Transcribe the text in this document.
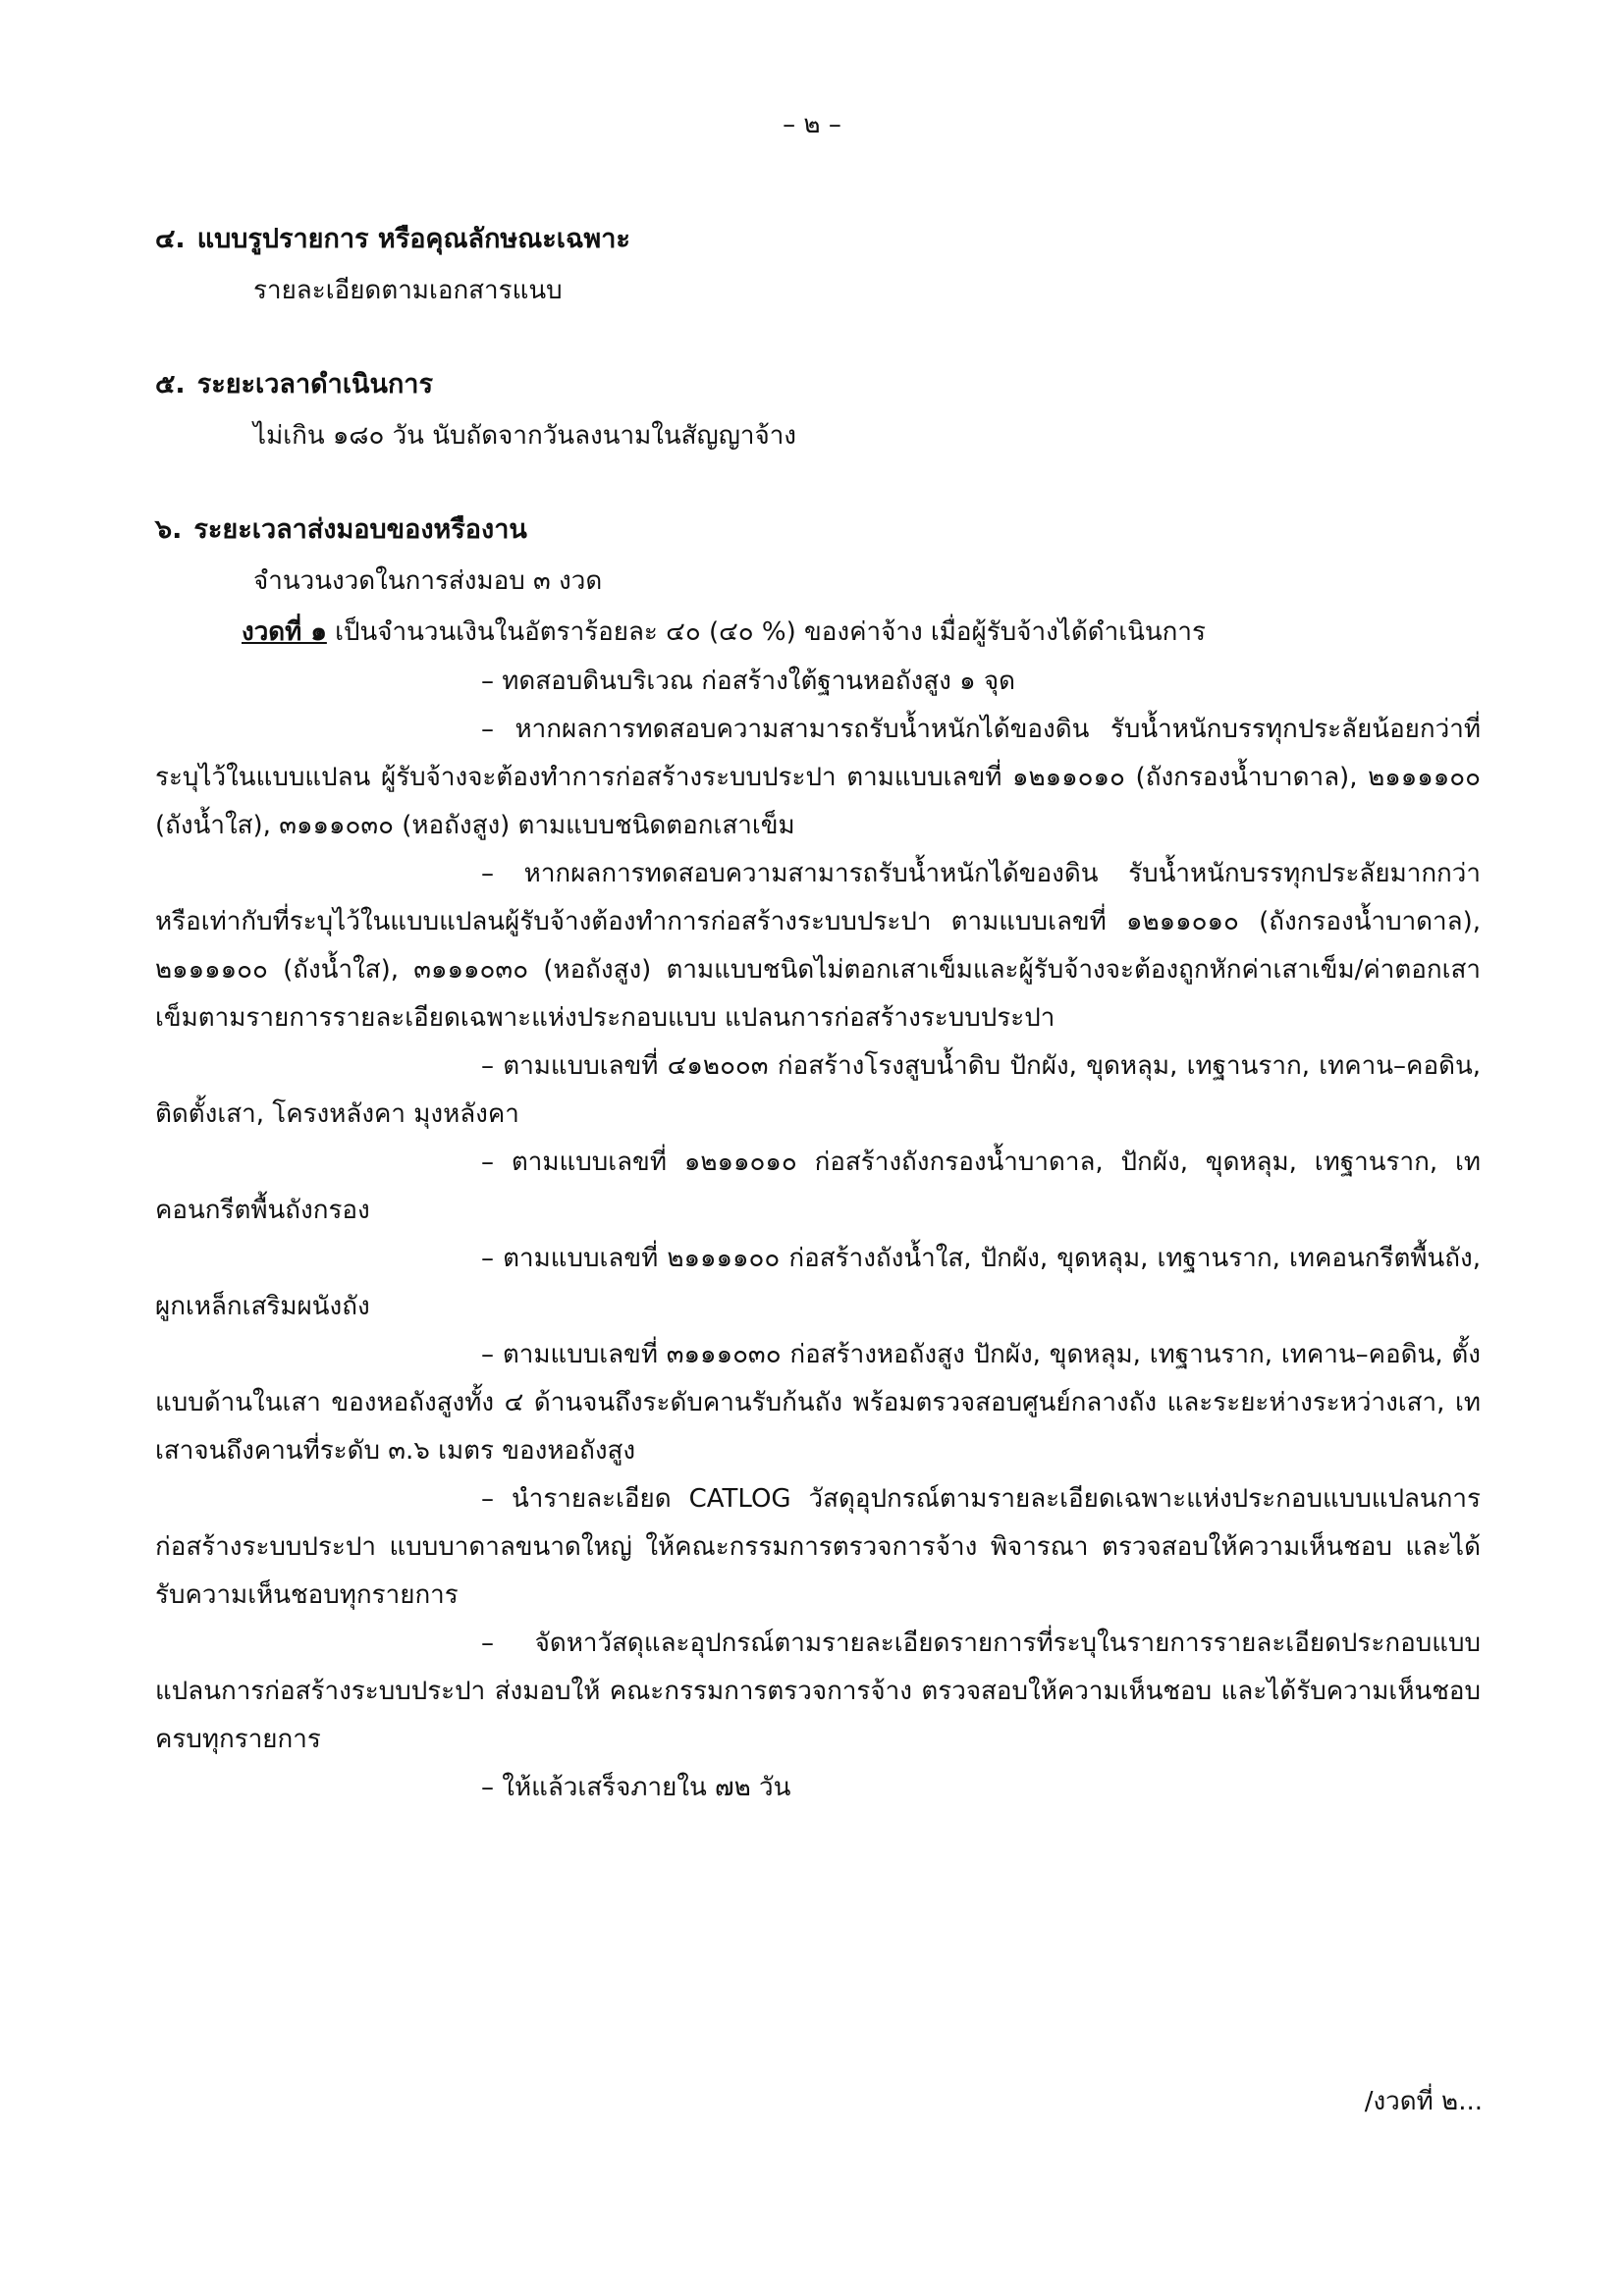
– ๒ –

๔. แบบรูปรายการ หรือคุณลักษณะเฉพาะ

รายละเอียดตามเอกสารแนบ

๕. ระยะเวลาดำเนินการ

ไม่เกิน ๑๘๐ วัน นับถัดจากวันลงนามในสัญญาจ้าง

๖. ระยะเวลาส่งมอบของหรืองาน

จำนวนงวดในการส่งมอบ ๓ งวด

งวดที่ ๑ เป็นจำนวนเงินในอัตราร้อยละ ๔๐ (๔๐ %) ของค่าจ้าง เมื่อผู้รับจ้างได้ดำเนินการ

– ทดสอบดินบริเวณ ก่อสร้างใต้ฐานหอถังสูง ๑ จุด

– หากผลการทดสอบความสามารถรับน้ำหนักได้ของดิน รับน้ำหนักบรรทุกประลัยน้อยกว่าที่ระบุไว้ในแบบแปลน ผู้รับจ้างจะต้องทำการก่อสร้างระบบประปา ตามแบบเลขที่ ๑๒๑๑๐๑๐ (ถังกรองน้ำบาดาล), ๒๑๑๑๑๐๐ (ถังน้ำใส), ๓๑๑๑๐๓๐ (หอถังสูง) ตามแบบชนิดตอกเสาเข็ม

– หากผลการทดสอบความสามารถรับน้ำหนักได้ของดิน รับน้ำหนักบรรทุกประลัยมากกว่าหรือเท่ากับที่ระบุไว้ในแบบแปลนผู้รับจ้างต้องทำการก่อสร้างระบบประปา ตามแบบเลขที่ ๑๒๑๑๐๑๐ (ถังกรองน้ำบาดาล), ๒๑๑๑๑๐๐ (ถังน้ำใส), ๓๑๑๑๐๓๐ (หอถังสูง) ตามแบบชนิดไม่ตอกเสาเข็มและผู้รับจ้างจะต้องถูกหักค่าเสาเข็ม/ค่าตอกเสาเข็มตามรายการรายละเอียดเฉพาะแห่งประกอบแบบ แปลนการก่อสร้างระบบประปา

– ตามแบบเลขที่ ๔๑๒๐๐๓ ก่อสร้างโรงสูบน้ำดิบ ปักผัง, ขุดหลุม, เทฐานราก, เทคาน–คอดิน, ติดตั้งเสา, โครงหลังคา มุงหลังคา

– ตามแบบเลขที่ ๑๒๑๑๐๑๐ ก่อสร้างถังกรองน้ำบาดาล, ปักผัง, ขุดหลุม, เทฐานราก, เทคอนกรีตพื้นถังกรอง

– ตามแบบเลขที่ ๒๑๑๑๑๐๐ ก่อสร้างถังน้ำใส, ปักผัง, ขุดหลุม, เทฐานราก, เทคอนกรีตพื้นถัง, ผูกเหล็กเสริมผนังถัง

– ตามแบบเลขที่ ๓๑๑๑๐๓๐ ก่อสร้างหอถังสูง ปักผัง, ขุดหลุม, เทฐานราก, เทคาน–คอดิน, ตั้งแบบด้านในเสา ของหอถังสูงทั้ง ๔ ด้านจนถึงระดับคานรับก้นถัง พร้อมตรวจสอบศูนย์กลางถัง และระยะห่างระหว่างเสา, เทเสาจนถึงคานที่ระดับ ๓.๖ เมตร ของหอถังสูง

– นำรายละเอียด CATLOG วัสดุอุปกรณ์ตามรายละเอียดเฉพาะแห่งประกอบแบบแปลนการก่อสร้างระบบประปา แบบบาดาลขนาดใหญ่ ให้คณะกรรมการตรวจการจ้าง พิจารณา ตรวจสอบให้ความเห็นชอบ และได้รับความเห็นชอบทุกรายการ

– จัดหาวัสดุและอุปกรณ์ตามรายละเอียดรายการที่ระบุในรายการรายละเอียดประกอบแบบแปลนการก่อสร้างระบบประปา ส่งมอบให้ คณะกรรมการตรวจการจ้าง ตรวจสอบให้ความเห็นชอบ และได้รับความเห็นชอบครบทุกรายการ

– ให้แล้วเสร็จภายใน ๗๒ วัน

/งวดที่ ๒...
